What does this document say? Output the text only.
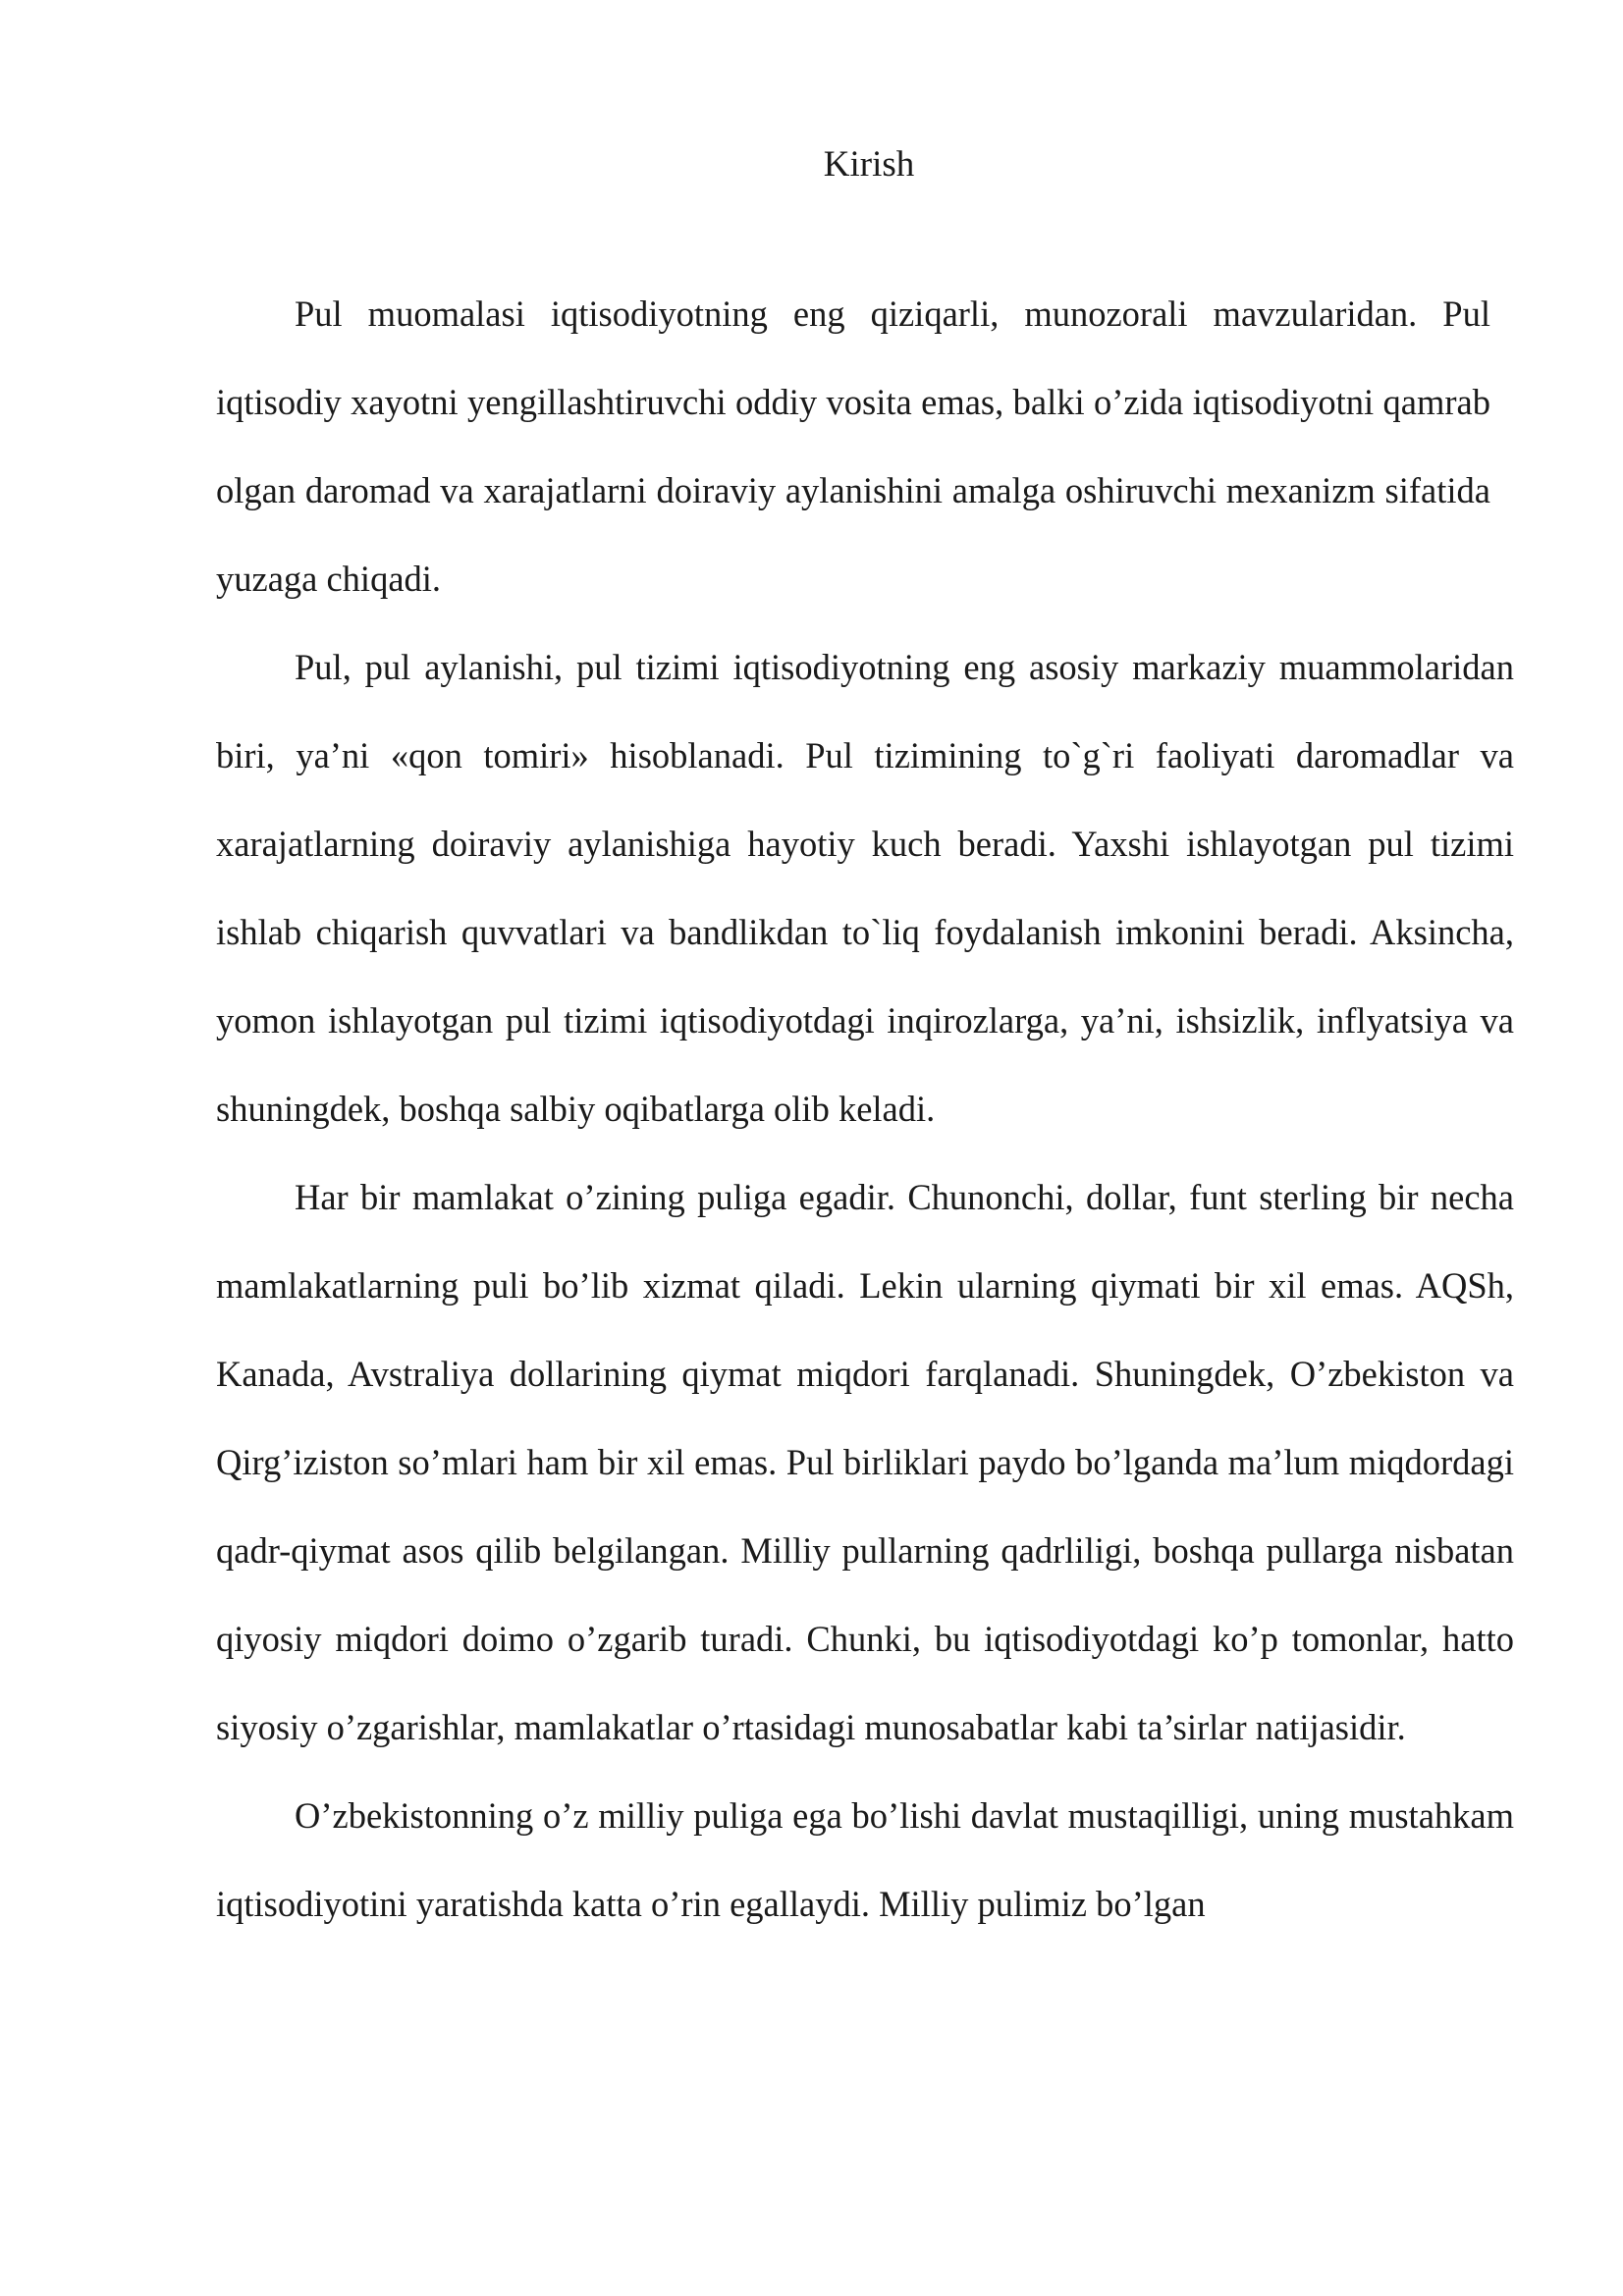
Kirish

Pul muomalasi iqtisodiyotning eng qiziqarli, munozorali mavzularidan. Pul iqtisodiy xayotni yengillashtiruvchi oddiy vosita emas, balki o’zida iqtisodiyotni qamrab olgan daromad va xarajatlarni doiraviy aylanishini amalga oshiruvchi mexanizm sifatida yuzaga chiqadi.

Pul, pul aylanishi, pul tizimi iqtisodiyotning eng asosiy markaziy muammolaridan biri, ya’ni «qon tomiri» hisoblanadi. Pul tizimining to`g`ri faoliyati daromadlar va xarajatlarning doiraviy aylanishiga hayotiy kuch beradi. Yaxshi ishlayotgan pul tizimi ishlab chiqarish quvvatlari va bandlikdan to`liq foydalanish imkonini beradi. Aksincha, yomon ishlayotgan pul tizimi iqtisodiyotdagi inqirozlarga, ya’ni, ishsizlik, inflyatsiya va shuningdek, boshqa salbiy oqibatlarga olib keladi.

Har bir mamlakat o’zining puliga egadir. Chunonchi, dollar, funt sterling bir necha mamlakatlarning puli bo’lib xizmat qiladi. Lekin ularning qiymati bir xil emas. AQSh, Kanada, Avstraliya dollarining qiymat miqdori farqlanadi. Shuningdek, O’zbekiston va Qirg’iziston so’mlari ham bir xil emas. Pul birliklari paydo bo’lganda ma’lum miqdordagi qadr-qiymat asos qilib belgilangan. Milliy pullarning qadrliligi, boshqa pullarga nisbatan qiyosiy miqdori doimo o’zgarib turadi. Chunki, bu iqtisodiyotdagi ko’p tomonlar, hatto siyosiy o’zgarishlar, mamlakatlar o’rtasidagi munosabatlar kabi ta’sirlar natijasidir.

O’zbekistonning o’z milliy puliga ega bo’lishi davlat mustaqilligi, uning mustahkam iqtisodiyotini yaratishda katta o’rin egallaydi. Milliy pulimiz bo’lgan
